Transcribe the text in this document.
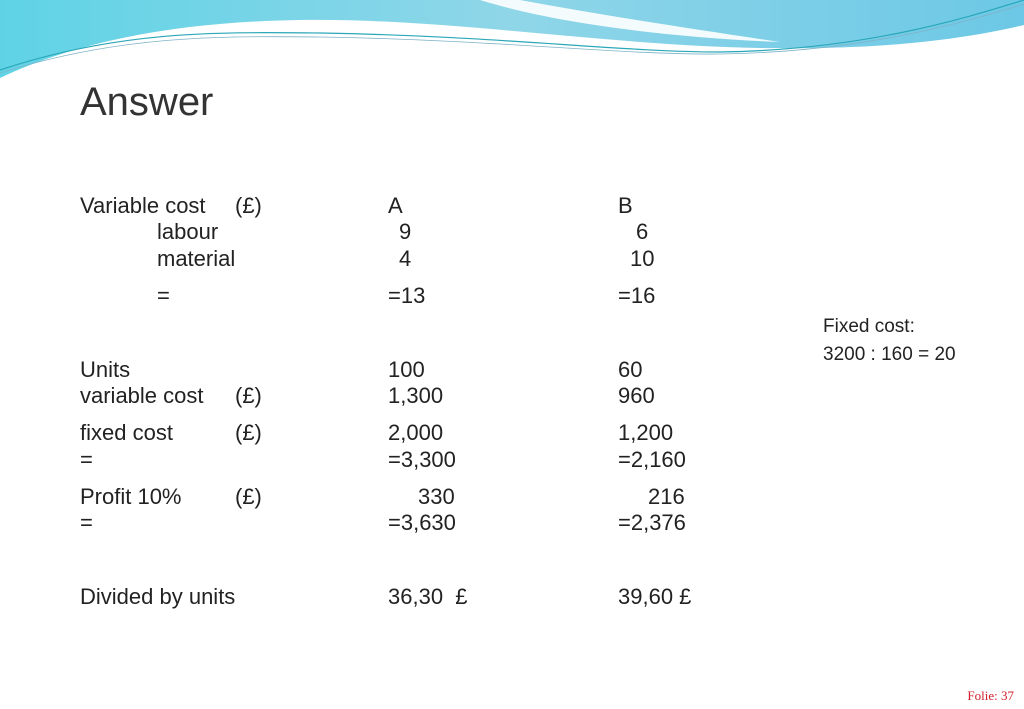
Answer
Variable cost (£)	A	B
labour	9	6
material	4	10
=	=13	=16
Units	100	60
variable cost (£)	1,300	960
fixed cost	(£)	2,000	1,200
=	=3,300	=2,160
Profit 10% (£)	330	216
=	=3,630	=2,376
Divided by units	36,30  £	39,60 £
Fixed cost:
3200 : 160 = 20
Folie: 37
